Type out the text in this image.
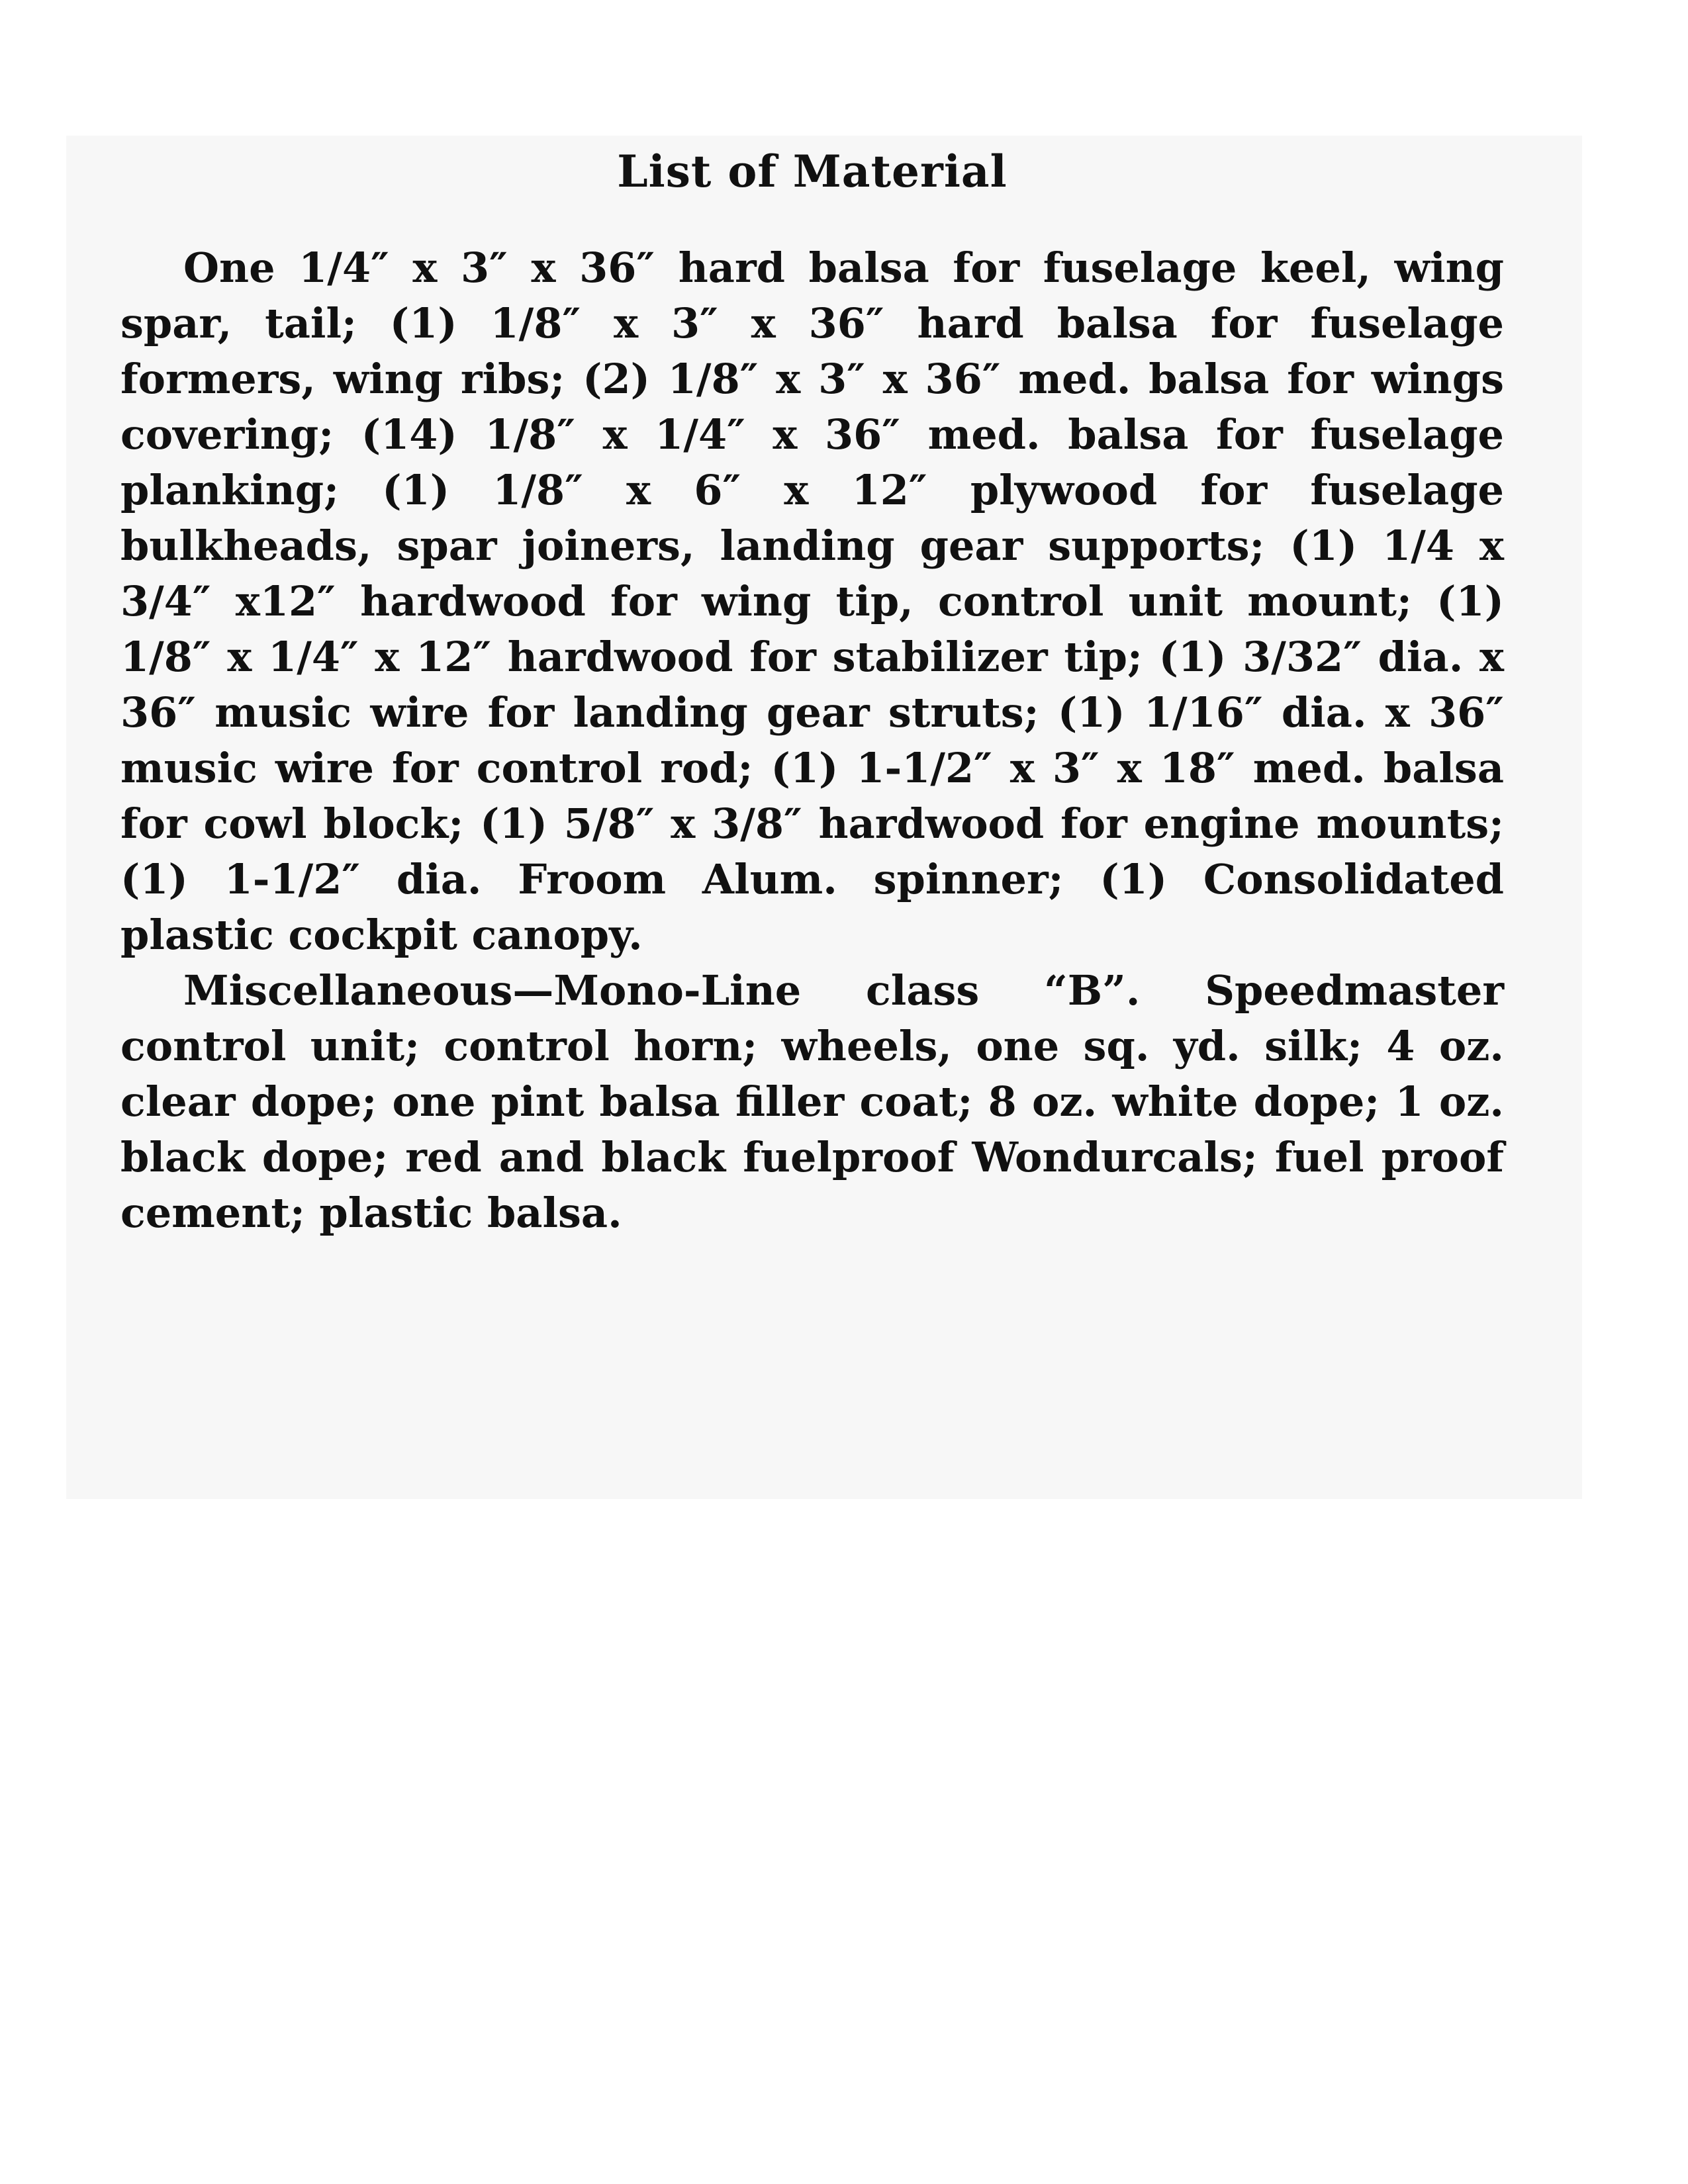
List of Material

One 1/4″ x 3″ x 36″ hard balsa for fuselage keel, wing spar, tail; (1) 1/8″ x 3″ x 36″ hard balsa for fuselage formers, wing ribs; (2) 1/8″ x 3″ x 36″ med. balsa for wings covering; (14) 1/8″ x 1/4″ x 36″ med. balsa for fuselage planking; (1) 1/8″ x 6″ x 12″ plywood for fuselage bulkheads, spar joiners, landing gear supports; (1) 1/4 x 3/4″ x12″ hardwood for wing tip, control unit mount; (1) 1/8″ x 1/4″ x 12″ hardwood for stabilizer tip; (1) 3/32″ dia. x 36″ music wire for landing gear struts; (1) 1/16″ dia. x 36″ music wire for control rod; (1) 1-1/2″ x 3″ x 18″ med. balsa for cowl block; (1) 5/8″ x 3/8″ hardwood for engine mounts; (1) 1-1/2″ dia. Froom Alum. spinner; (1) Consolidated plastic cockpit canopy.

Miscellaneous—Mono-Line class “B”. Speedmaster control unit; control horn; wheels, one sq. yd. silk; 4 oz. clear dope; one pint balsa filler coat; 8 oz. white dope; 1 oz. black dope; red and black fuelproof Wondurcals; fuel proof cement; plastic balsa.
